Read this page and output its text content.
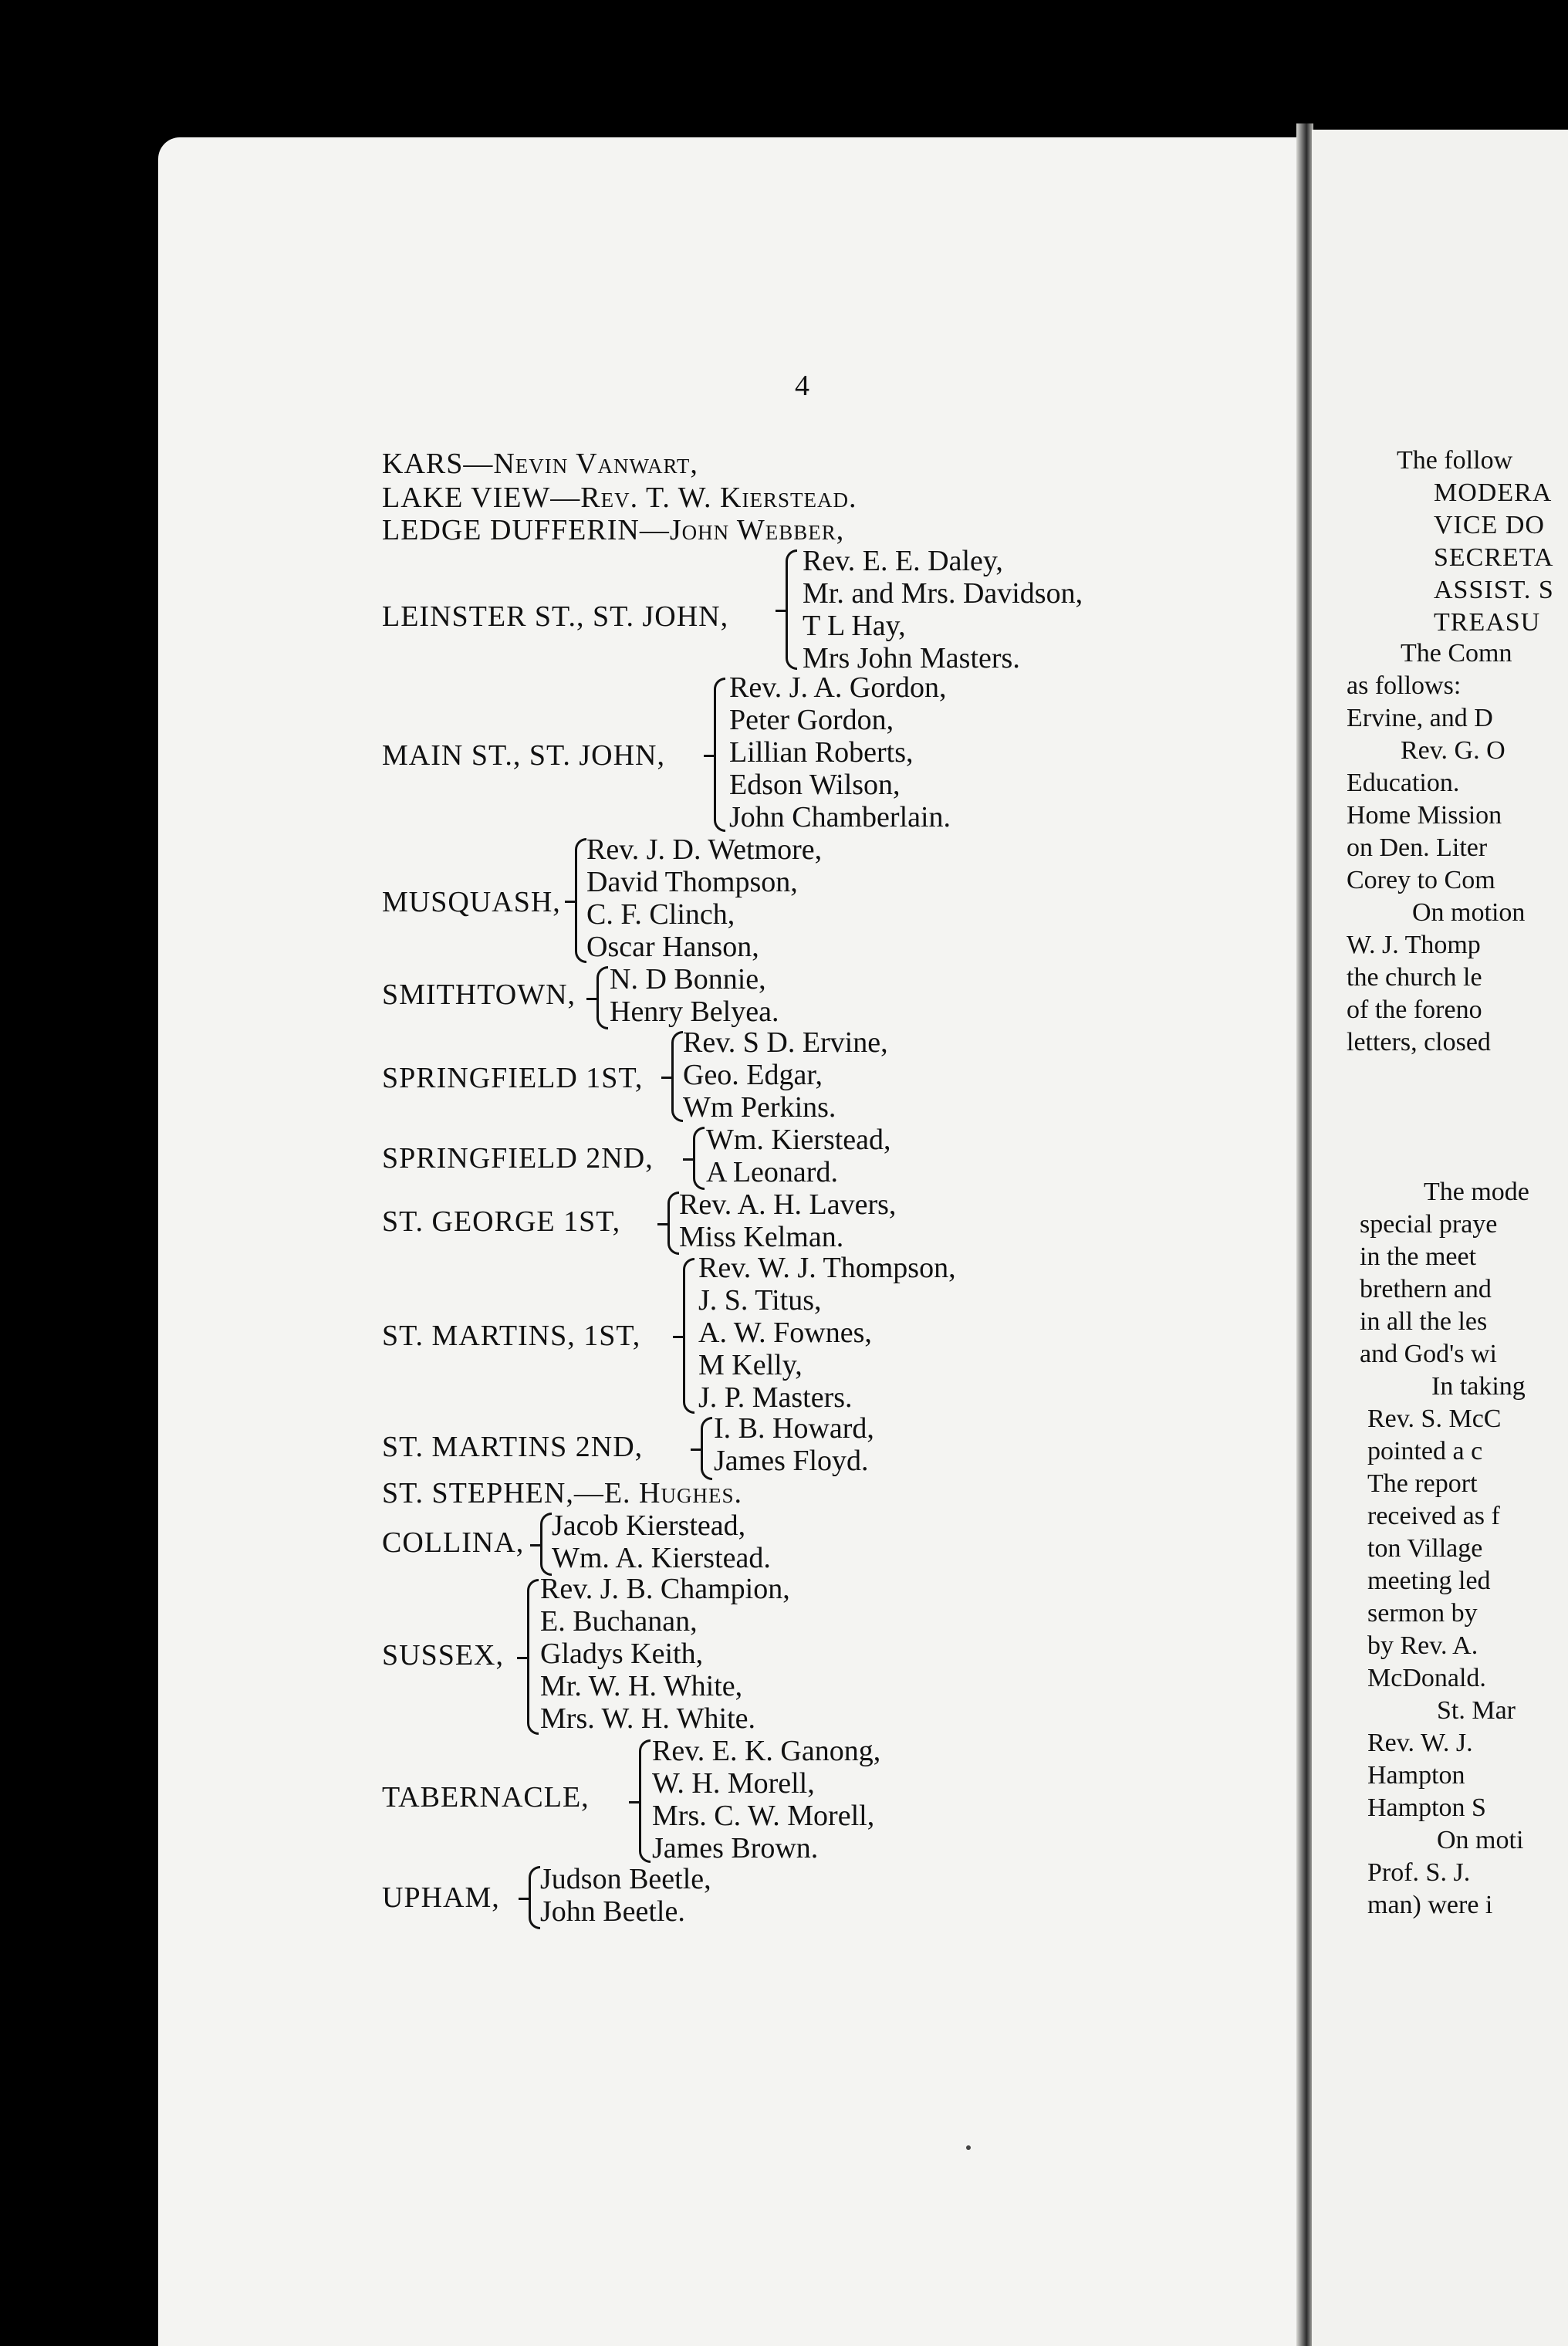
4
KARS—Nevin Vanwart,
LAKE VIEW—Rev. T. W. Kierstead.
LEDGE DUFFERIN—John Webber,
LEINSTER ST., ST. JOHN,
Rev. E. E. Daley,
Mr. and Mrs. Davidson,
T L Hay,
Mrs John Masters.
MAIN ST., ST. JOHN,
Rev. J. A. Gordon,
Peter Gordon,
Lillian Roberts,
Edson Wilson,
John Chamberlain.
MUSQUASH,
Rev. J. D. Wetmore,
David Thompson,
C. F. Clinch,
Oscar Hanson,
SMITHTOWN, N. D Bonnie,
Henry Belyea.
SPRINGFIELD 1ST,
Rev. S D. Ervine,
Geo. Edgar,
Wm Perkins.
SPRINGFIELD 2ND,
Wm. Kierstead,
A Leonard.
ST. GEORGE 1ST,
Rev. A. H. Lavers,
Miss Kelman.
ST. MARTINS, 1ST,
Rev. W. J. Thompson,
J. S. Titus,
A. W. Fownes,
M Kelly,
J. P. Masters.
ST. MARTINS 2ND,
I. B. Howard,
James Floyd.
ST. STEPHEN,—E. Hughes.
COLLINA,
Jacob Kierstead,
Wm. A. Kierstead.
SUSSEX,
Rev. J. B. Champion,
E. Buchanan,
Gladys Keith,
Mr. W. H. White,
Mrs. W. H. White.
TABERNACLE,
Rev. E. K. Ganong,
W. H. Morell,
Mrs. C. W. Morell,
James Brown.
UPHAM,
Judson Beetle,
John Beetle.
The follow
MODERA
VICE DO
SECRETA
ASSIST. S
TREASU
The Comn
as follows:
Ervine, and D
Rev. G. O
Education.
Home Mission
on Den. Liter
Corey to Com
On motion
W. J. Thomp
the church le
of the foreno
letters, closed
The mode
special praye
in the meet
brethern and
in all the les
and God's wi
In taking
Rev. S. McC
pointed a c
The report
received as f
ton Village
meeting led
sermon by
by Rev. A.
McDonald.
St. Mar
Rev. W. J.
Hampton
Hampton S
On moti
Prof. S. J.
man) were i
